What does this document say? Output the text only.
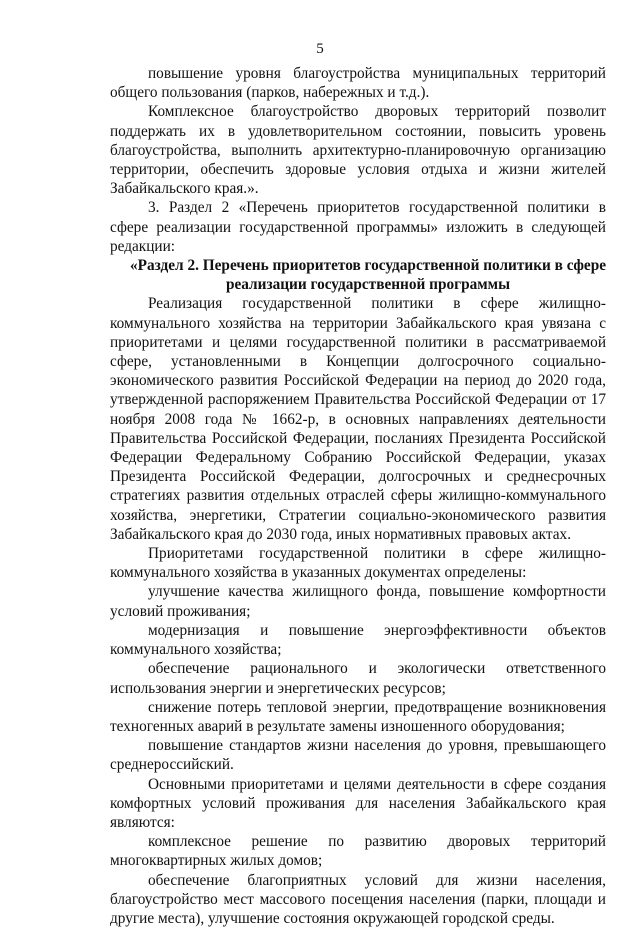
5

повышение уровня благоустройства муниципальных территорий общего пользования (парков, набережных и т.д.).

Комплексное благоустройство дворовых территорий позволит поддержать их в удовлетворительном состоянии, повысить уровень благоустройства, выполнить архитектурно-планировочную организацию территории, обеспечить здоровые условия отдыха и жизни жителей Забайкальского края.».

3. Раздел 2 «Перечень приоритетов государственной политики в сфере реализации государственной программы» изложить в следующей редакции:

«Раздел 2. Перечень приоритетов государственной политики в сфере реализации государственной программы

Реализация государственной политики в сфере жилищно-коммунального хозяйства на территории Забайкальского края увязана с приоритетами и целями государственной политики в рассматриваемой сфере, установленными в Концепции долгосрочного социально-экономического развития Российской Федерации на период до 2020 года, утвержденной распоряжением Правительства Российской Федерации от 17 ноября 2008 года № 1662-р, в основных направлениях деятельности Правительства Российской Федерации, посланиях Президента Российской Федерации Федеральному Собранию Российской Федерации, указах Президента Российской Федерации, долгосрочных и среднесрочных стратегиях развития отдельных отраслей сферы жилищно-коммунального хозяйства, энергетики, Стратегии социально-экономического развития Забайкальского края до 2030 года, иных нормативных правовых актах.

Приоритетами государственной политики в сфере жилищно-коммунального хозяйства в указанных документах определены:

улучшение качества жилищного фонда, повышение комфортности условий проживания;

модернизация и повышение энергоэффективности объектов коммунального хозяйства;

обеспечение рационального и экологически ответственного использования энергии и энергетических ресурсов;

снижение потерь тепловой энергии, предотвращение возникновения техногенных аварий в результате замены изношенного оборудования;

повышение стандартов жизни населения до уровня, превышающего среднероссийский.

Основными приоритетами и целями деятельности в сфере создания комфортных условий проживания для населения Забайкальского края являются:

комплексное решение по развитию дворовых территорий многоквартирных жилых домов;

обеспечение благоприятных условий для жизни населения, благоустройство мест массового посещения населения (парки, площади и другие места), улучшение состояния окружающей городской среды.
